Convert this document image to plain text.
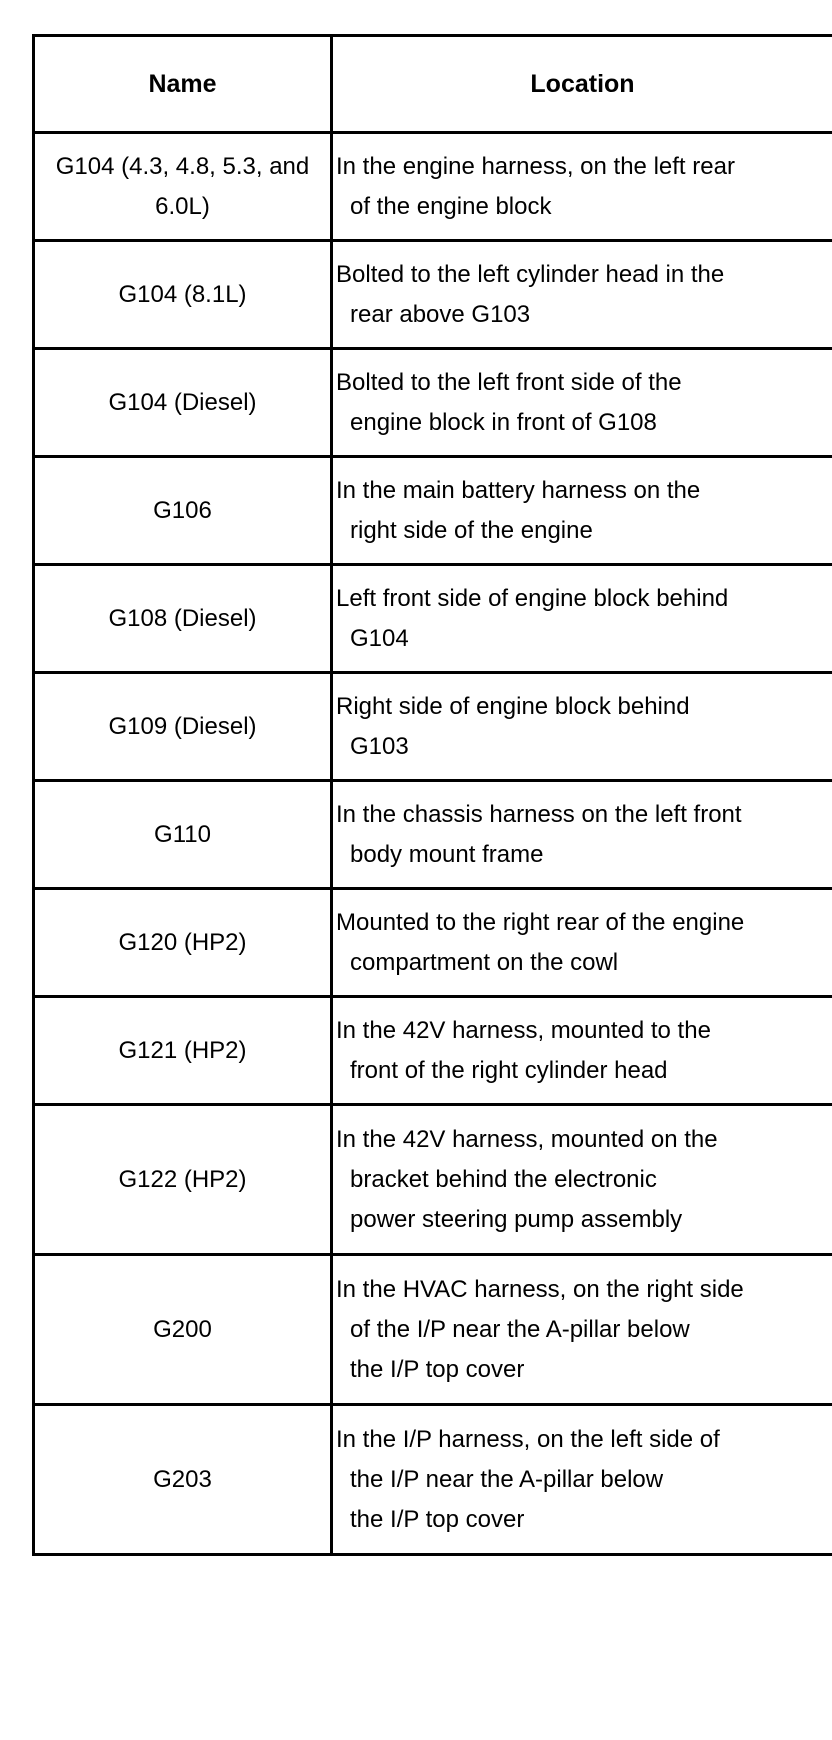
Name	Location

G104 (4.3, 4.8, 5.3, and
6.0L)	In the engine harness, on the left rear
of the engine block

G104 (8.1L)	Bolted to the left cylinder head in the
rear above G103

G104 (Diesel)	Bolted to the left front side of the
engine block in front of G108

G106	In the main battery harness on the
right side of the engine

G108 (Diesel)	Left front side of engine block behind
G104

G109 (Diesel)	Right side of engine block behind
G103

G110	In the chassis harness on the left front
body mount frame

G120 (HP2)	Mounted to the right rear of the engine
compartment on the cowl

G121 (HP2)	In the 42V harness, mounted to the
front of the right cylinder head

G122 (HP2)	In the 42V harness, mounted on the
bracket behind the electronic
power steering pump assembly

G200	In the HVAC harness, on the right side
of the I/P near the A-pillar below
the I/P top cover

G203	In the I/P harness, on the left side of
the I/P near the A-pillar below
the I/P top cover
